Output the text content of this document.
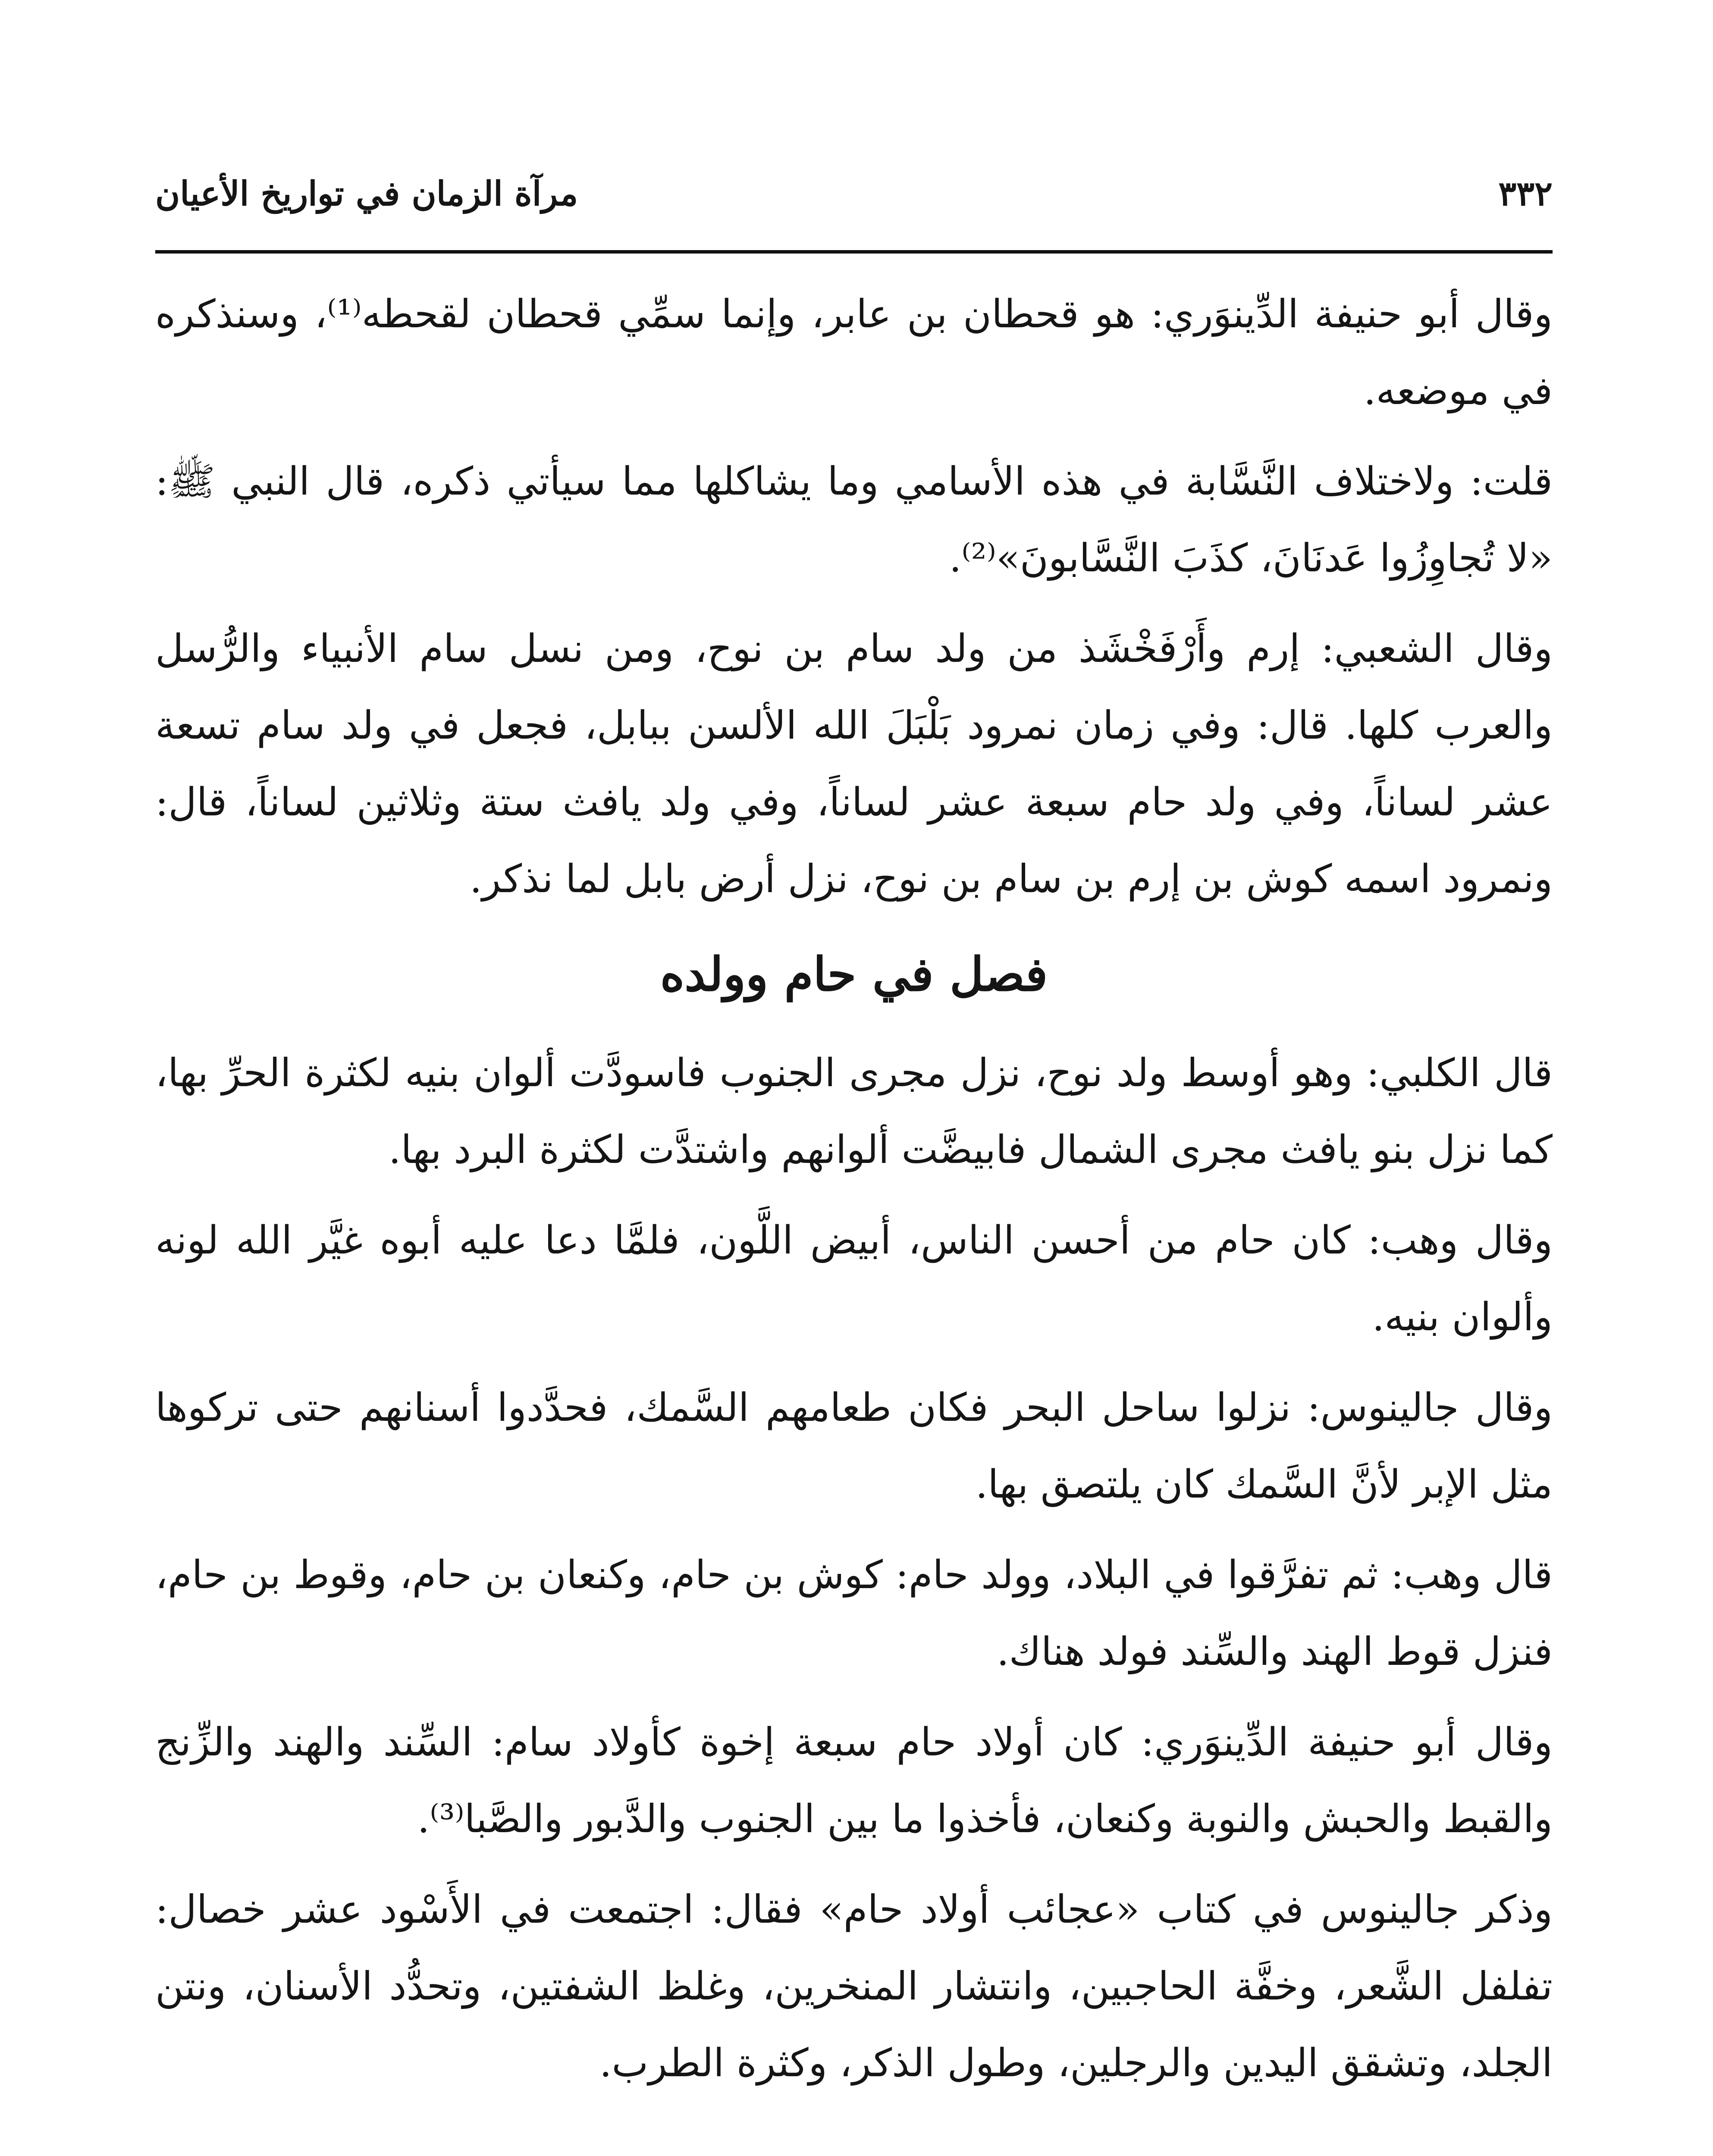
٣٣٢
مرآة الزمان في تواريخ الأعيان

وقال أبو حنيفة الدِّينوَري: هو قحطان بن عابر، وإنما سمِّي قحطان لقحطه⁽¹⁾، وسنذكره في موضعه.

قلت: ولاختلاف النَّسَّابة في هذه الأسامي وما يشاكلها مما سيأتي ذكره، قال النبي ﷺ: «لا تُجاوِزُوا عَدنَانَ، كذَبَ النَّسَّابونَ»⁽²⁾.

وقال الشعبي: إرم وأَرْفَخْشَذ من ولد سام بن نوح، ومن نسل سام الأنبياء والرُّسل والعرب كلها. قال: وفي زمان نمرود بَلْبَلَ الله الألسن ببابل، فجعل في ولد سام تسعة عشر لساناً، وفي ولد حام سبعة عشر لساناً، وفي ولد يافث ستة وثلاثين لساناً، قال: ونمرود اسمه كوش بن إرم بن سام بن نوح، نزل أرض بابل لما نذكر.

فصل في حام وولده

قال الكلبي: وهو أوسط ولد نوح، نزل مجرى الجنوب فاسودَّت ألوان بنيه لكثرة الحرِّ بها، كما نزل بنو يافث مجرى الشمال فابيضَّت ألوانهم واشتدَّت لكثرة البرد بها.

وقال وهب: كان حام من أحسن الناس، أبيض اللَّون، فلمَّا دعا عليه أبوه غيَّر الله لونه وألوان بنيه.

وقال جالينوس: نزلوا ساحل البحر فكان طعامهم السَّمك، فحدَّدوا أسنانهم حتى تركوها مثل الإبر لأنَّ السَّمك كان يلتصق بها.

قال وهب: ثم تفرَّقوا في البلاد، وولد حام: كوش بن حام، وكنعان بن حام، وقوط بن حام، فنزل قوط الهند والسِّند فولد هناك.

وقال أبو حنيفة الدِّينوَري: كان أولاد حام سبعة إخوة كأولاد سام: السِّند والهند والزِّنج والقبط والحبش والنوبة وكنعان، فأخذوا ما بين الجنوب والدَّبور والصَّبا⁽³⁾.

وذكر جالينوس في كتاب «عجائب أولاد حام» فقال: اجتمعت في الأَسْود عشر خصال: تفلفل الشَّعر، وخفَّة الحاجبين، وانتشار المنخرين، وغلظ الشفتين، وتحدُّد الأسنان، ونتن الجلد، وتشقق اليدين والرجلين، وطول الذكر، وكثرة الطرب.
